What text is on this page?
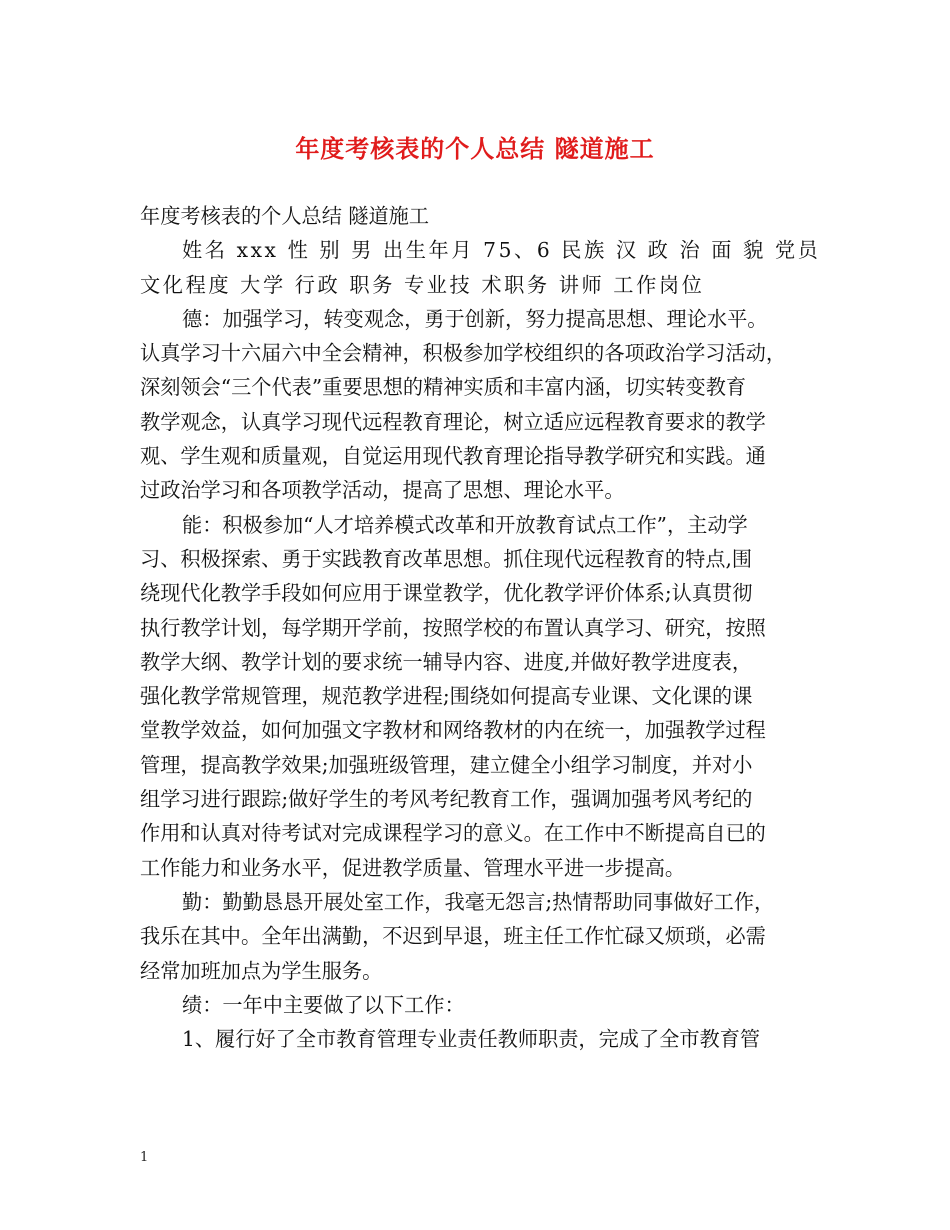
年度考核表的个人总结 隧道施工

年度考核表的个人总结 隧道施工

姓名 xxx 性 别 男 出生年月 75、6 民族 汉 政 治 面 貌 党员

文化程度 大学 行政 职务 专业技 术职务 讲师 工作岗位

德：加强学习，转变观念，勇于创新，努力提高思想、理论水平。

认真学习十六届六中全会精神，积极参加学校组织的各项政治学习活动，

深刻领会“三个代表”重要思想的精神实质和丰富内涵，切实转变教育

教学观念，认真学习现代远程教育理论，树立适应远程教育要求的教学

观、学生观和质量观，自觉运用现代教育理论指导教学研究和实践。通

过政治学习和各项教学活动，提高了思想、理论水平。

能：积极参加“人才培养模式改革和开放教育试点工作”，主动学

习、积极探索、勇于实践教育改革思想。抓住现代远程教育的特点,围

绕现代化教学手段如何应用于课堂教学，优化教学评价体系;认真贯彻

执行教学计划，每学期开学前，按照学校的布置认真学习、研究，按照

教学大纲、教学计划的要求统一辅导内容、进度,并做好教学进度表，

强化教学常规管理，规范教学进程;围绕如何提高专业课、文化课的课

堂教学效益，如何加强文字教材和网络教材的内在统一，加强教学过程

管理，提高教学效果;加强班级管理，建立健全小组学习制度，并对小

组学习进行跟踪;做好学生的考风考纪教育工作，强调加强考风考纪的

作用和认真对待考试对完成课程学习的意义。在工作中不断提高自已的

工作能力和业务水平，促进教学质量、管理水平进一步提高。

勤：勤勤恳恳开展处室工作，我毫无怨言;热情帮助同事做好工作，

我乐在其中。全年出满勤，不迟到早退，班主任工作忙碌又烦琐，必需

经常加班加点为学生服务。

绩：一年中主要做了以下工作：

1、履行好了全市教育管理专业责任教师职责，完成了全市教育管

1
